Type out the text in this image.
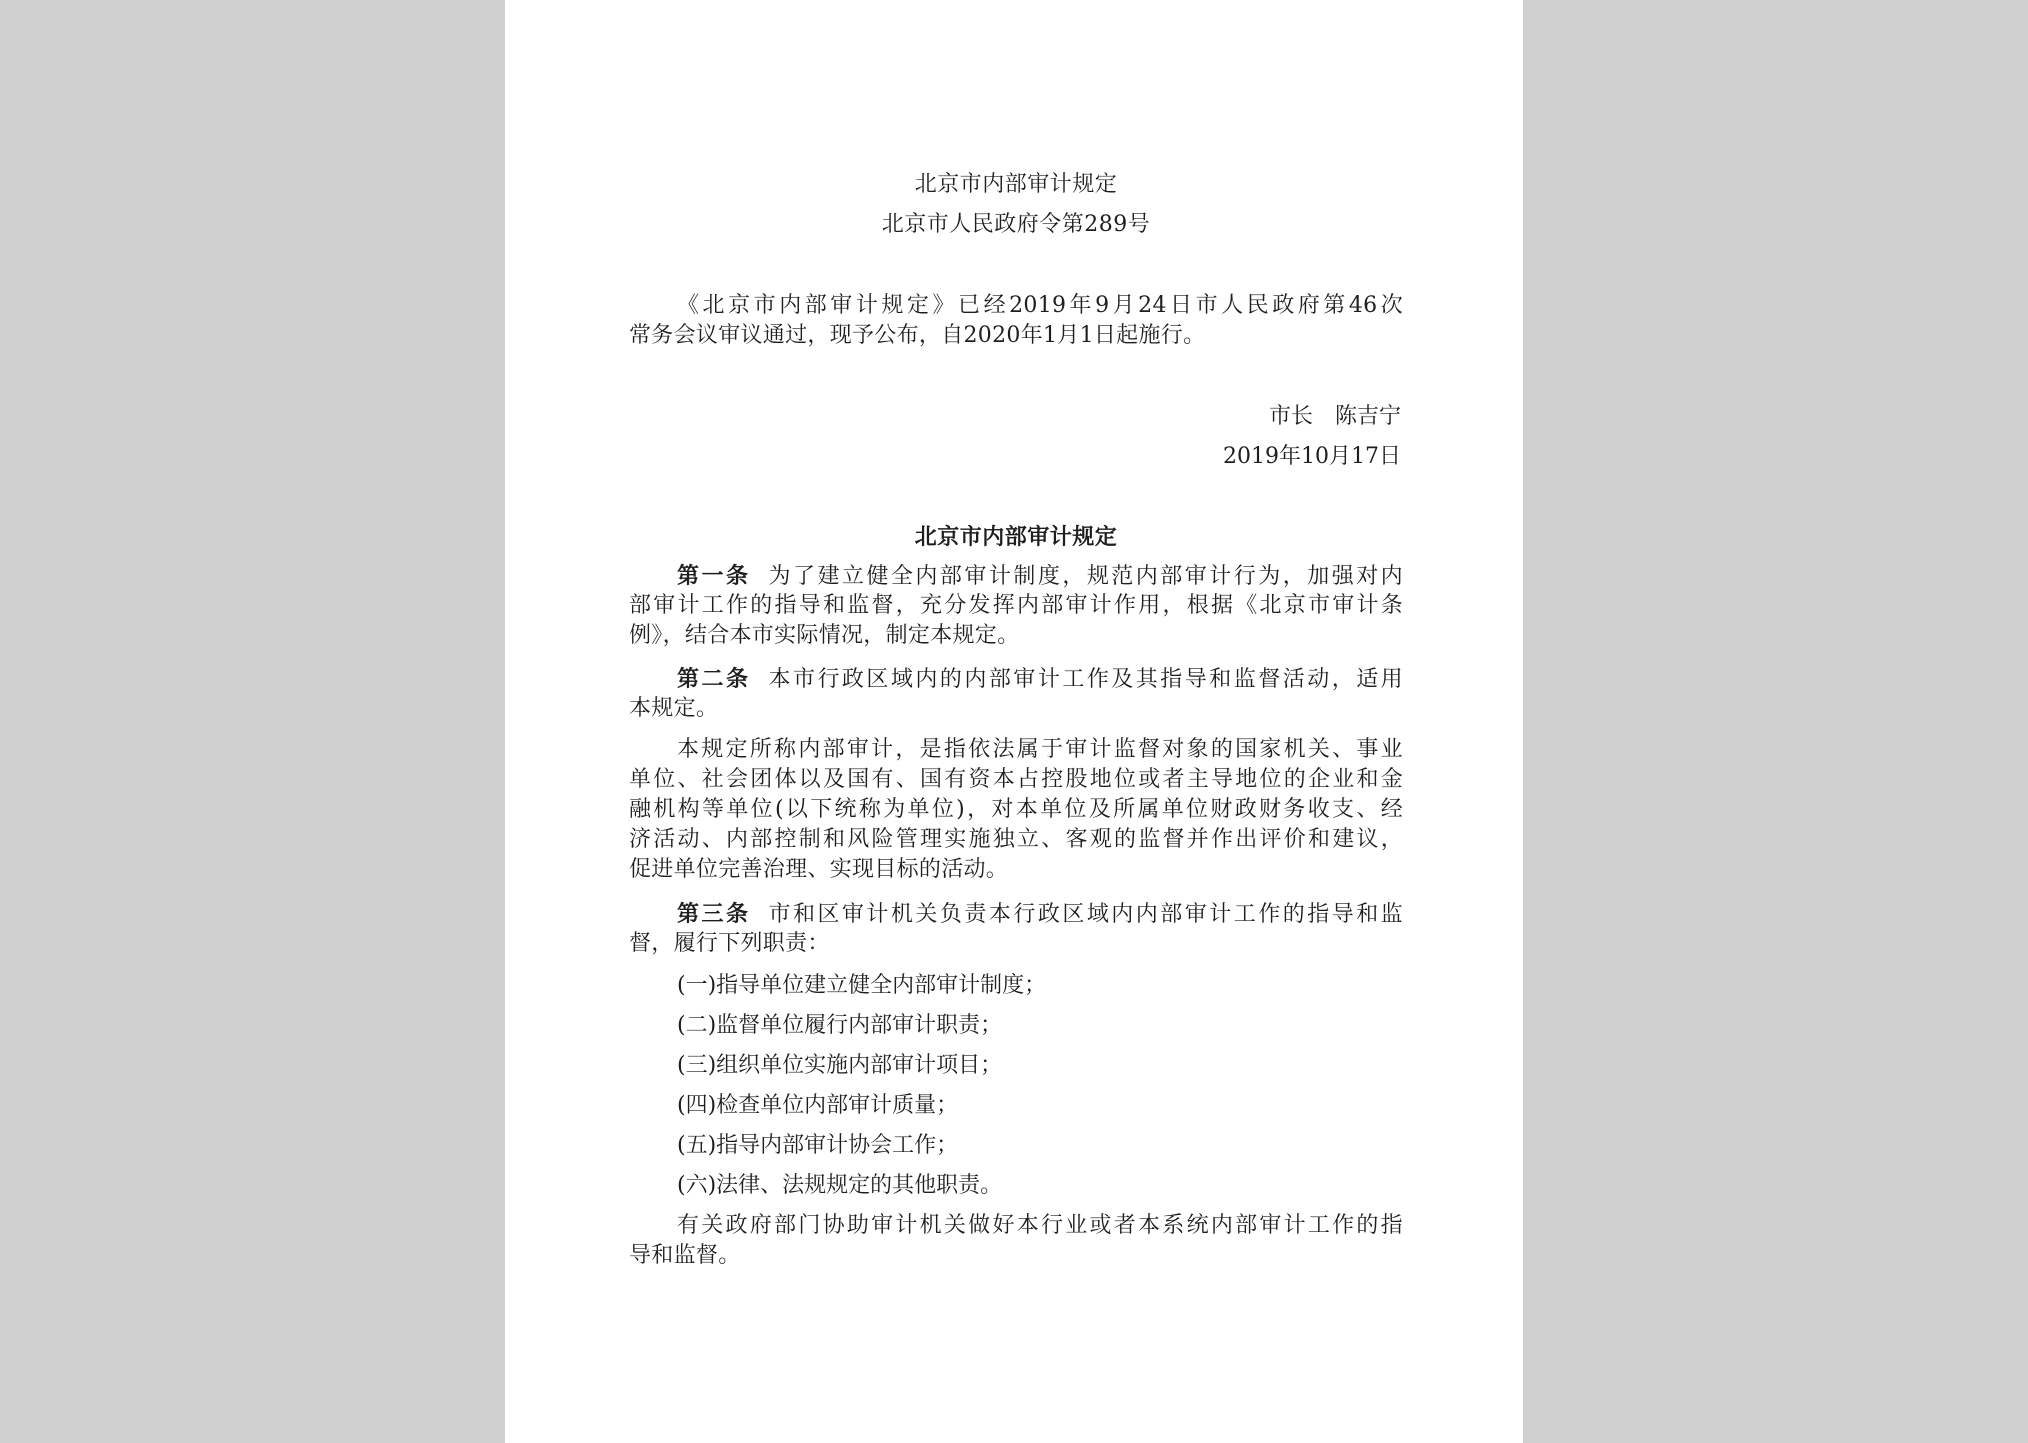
北京市内部审计规定
北京市人民政府令第289号
《北京市内部审计规定》已经2019年9月24日市人民政府第46次
常务会议审议通过，现予公布，自2020年1月1日起施行。
市长 陈吉宁
2019年10月17日
北京市内部审计规定
第一条 为了建立健全内部审计制度，规范内部审计行为，加强对内
部审计工作的指导和监督，充分发挥内部审计作用，根据《北京市审计条
例》，结合本市实际情况，制定本规定。
第二条 本市行政区域内的内部审计工作及其指导和监督活动，适用
本规定。
本规定所称内部审计，是指依法属于审计监督对象的国家机关、事业
单位、社会团体以及国有、国有资本占控股地位或者主导地位的企业和金
融机构等单位(以下统称为单位)，对本单位及所属单位财政财务收支、经
济活动、内部控制和风险管理实施独立、客观的监督并作出评价和建议，
促进单位完善治理、实现目标的活动。
第三条 市和区审计机关负责本行政区域内内部审计工作的指导和监
督，履行下列职责：
(一)指导单位建立健全内部审计制度；
(二)监督单位履行内部审计职责；
(三)组织单位实施内部审计项目；
(四)检查单位内部审计质量；
(五)指导内部审计协会工作；
(六)法律、法规规定的其他职责。
有关政府部门协助审计机关做好本行业或者本系统内部审计工作的指
导和监督。
